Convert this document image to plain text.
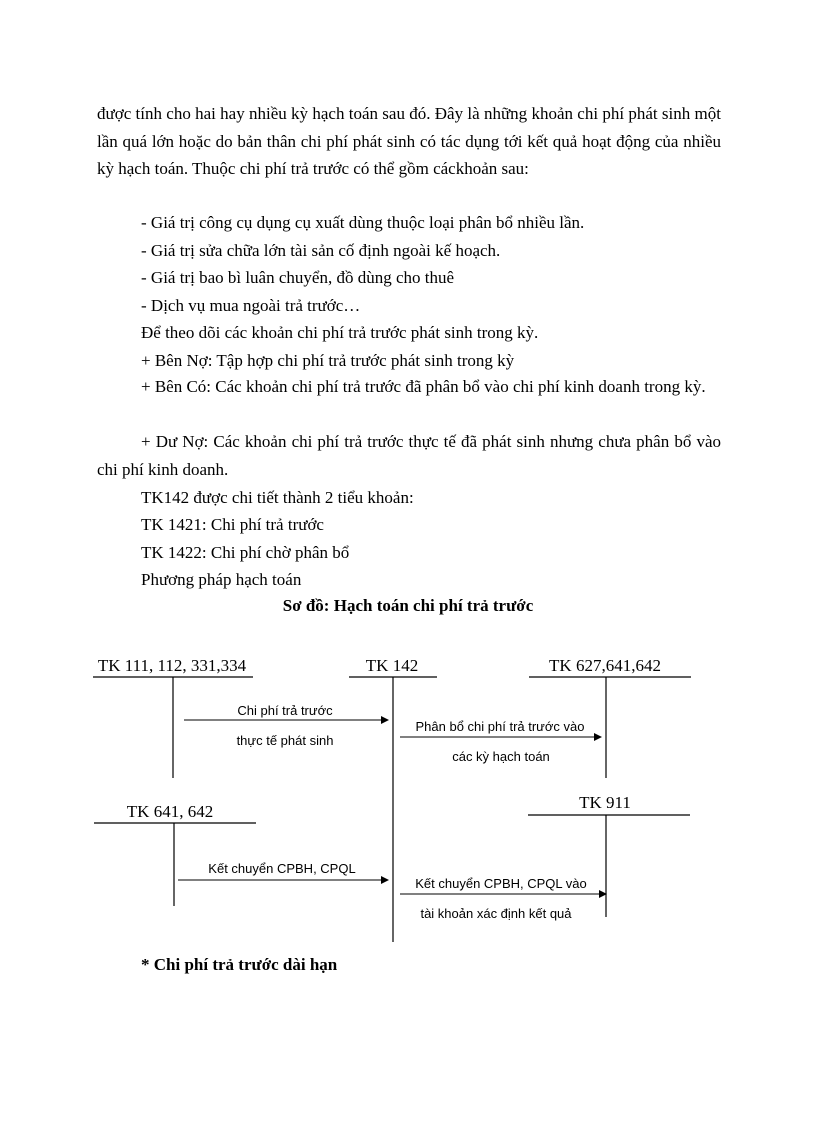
được tính cho hai hay nhiều kỳ hạch toán sau đó. Đây là những khoản chi phí phát sinh một lần quá lớn hoặc do bản thân chi phí phát sinh có tác dụng tới kết quả hoạt động của nhiều kỳ hạch toán. Thuộc chi phí trả trước có thể gồm cáckhoản sau:
- Giá trị công cụ dụng cụ xuất dùng thuộc loại phân bổ nhiều lần.
- Giá trị sửa chữa lớn tài sản cố định ngoài kế hoạch.
- Giá trị bao bì luân chuyển, đồ dùng cho thuê
- Dịch vụ mua ngoài trả trước…
Để theo dõi các khoản chi phí trả trước phát sinh trong kỳ.
+ Bên Nợ: Tập hợp chi phí trả trước phát sinh trong kỳ
+ Bên Có: Các khoản chi phí trả trước đã phân bổ vào chi phí kinh doanh trong kỳ.
+ Dư Nợ: Các khoản chi phí trả trước thực tế đã phát sinh nhưng chưa phân bổ vào chi phí kinh doanh.
TK142 được chi tiết thành 2 tiểu khoản:
TK 1421: Chi phí trả trước
TK 1422: Chi phí chờ phân bổ
Phương pháp hạch toán
Sơ đồ: Hạch toán chi phí trả trước
TK 111, 112, 331,334	TK 142	TK 627,641,642
TK 641, 642	TK 911
Chi phí trả trước
thực tế phát sinh
Phân bổ chi phí trả trước vào
các kỳ hạch toán
Kết chuyển CPBH, CPQL
Kết chuyển CPBH, CPQL vào
tài khoản xác định kết quả
* Chi phí trả trước dài hạn
